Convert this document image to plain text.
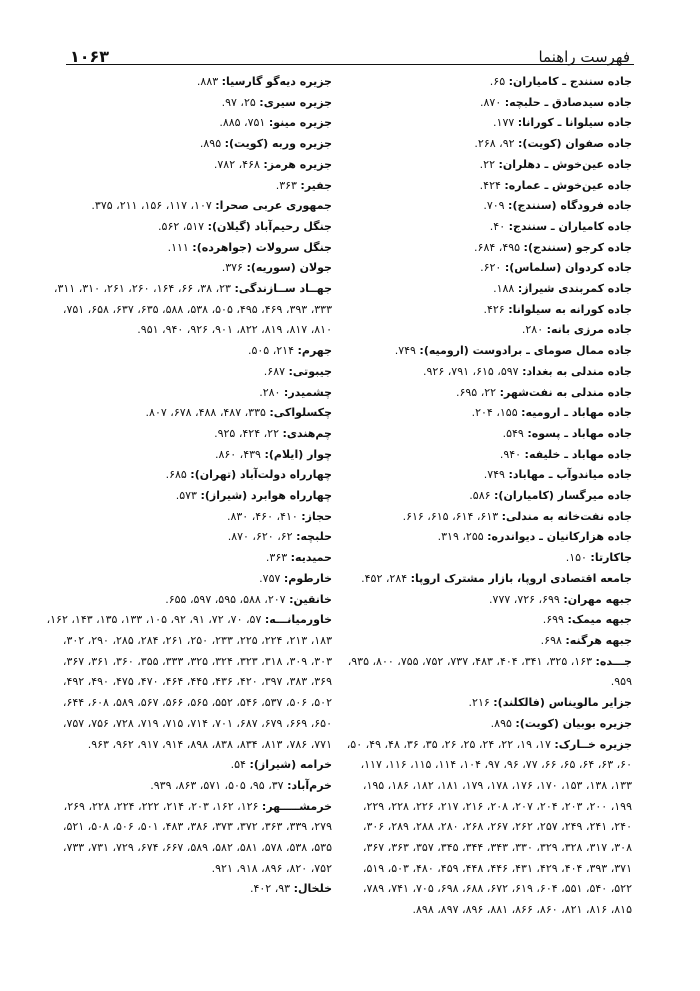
۱۰۶۳	فهرست راهنما

جاده سنندج ـ کامیاران: ۶۵.

جاده سیدصادق ـ حلبچه: ۸۷۰.

جاده سیلوانا ـ کورانا: ۱۷۷.

جاده صفوان (کویت): ۹۲، ۲۶۸.

جاده عین‌خوش ـ دهلران: ۲۲.

جاده عین‌خوش ـ عماره: ۴۲۴.

جاده فرودگاه (سنندج): ۷۰۹.

جاده کامیاران ـ سنندج: ۴۰.

جاده کرجو (سنندج): ۴۹۵، ۶۸۴.

جاده کردوان (سلماس): ۶۲۰.

جاده کمربندی شیراز: ۱۸۸.

جاده کورانه به سیلوانا: ۴۲۶.

جاده مرزی بانه: ۲۸۰.

جاده ممال صومای ـ برادوست (ارومیه): ۷۴۹.

جاده مندلی به بغداد: ۵۹۷، ۶۱۵، ۷۹۱، ۹۲۶.

جاده مندلی به نفت‌شهر: ۲۲، ۶۹۵.

جاده مهاباد ـ ارومیه: ۱۵۵، ۲۰۴.

جاده مهاباد ـ پسوه: ۵۴۹.

جاده مهاباد ـ خلیفه: ۹۴۰.

جاده میاندوآب ـ مهاباد: ۷۴۹.

جاده میرگسار (کامیاران): ۵۸۶.

جاده نفت‌خانه به مندلی: ۶۱۳، ۶۱۴، ۶۱۵، ۶۱۶.

جاده هزارکانیان ـ دیواندره: ۲۵۵، ۳۱۹.

جاکارتا: ۱۵۰.

جامعه اقتصادی اروپا، بازار مشترک اروپا: ۲۸۴، ۴۵۲.

جبهه مهران: ۶۹۹، ۷۲۶، ۷۷۷.

جبهه میمک: ۶۹۹.

جبهه هرگنه: ۶۹۸.

جـــده: ۱۶۳، ۳۲۵، ۳۴۱، ۴۰۴، ۴۸۳، ۷۳۷، ۷۵۲، ۷۵۵، ۸۰۰، ۹۳۵، ۹۵۹.

جزایر مالویناس (فالکلند): ۲۱۶.

جزیره بوبیان (کویت): ۸۹۵.

جزیره خــارک: ۱۷، ۱۹، ۲۲، ۲۴، ۲۵، ۲۶، ۳۵، ۳۶، ۴۸، ۴۹، ۵۰، ۶۰، ۶۳، ۶۴، ۶۵، ۶۶، ۷۷، ۹۶، ۹۷، ۱۰۴، ۱۱۴، ۱۱۵، ۱۱۶، ۱۱۷، ۱۳۳، ۱۳۸، ۱۵۳، ۱۷۰، ۱۷۶، ۱۷۸، ۱۷۹، ۱۸۱، ۱۸۲، ۱۸۶، ۱۹۵، ۱۹۹، ۲۰۰، ۲۰۳، ۲۰۴، ۲۰۷، ۲۰۸، ۲۱۶، ۲۱۷، ۲۲۶، ۲۲۸، ۲۲۹، ۲۴۰، ۲۴۱، ۲۴۹، ۲۵۷، ۲۶۲، ۲۶۷، ۲۶۸، ۲۸۰، ۲۸۸، ۲۸۹، ۳۰۶، ۳۰۸، ۳۱۷، ۳۲۸، ۳۲۹، ۳۳۰، ۳۴۳، ۳۴۴، ۳۴۵، ۳۵۷، ۳۶۳، ۳۶۷، ۳۷۱، ۳۹۳، ۴۰۴، ۴۲۹، ۴۳۱، ۴۴۶، ۴۴۸، ۴۵۹، ۴۸۰، ۵۰۳، ۵۱۹، ۵۲۲، ۵۴۰، ۵۵۱، ۶۰۴، ۶۱۹، ۶۷۲، ۶۸۸، ۶۹۸، ۷۰۵، ۷۴۱، ۷۸۹، ۸۱۵، ۸۱۶، ۸۲۱، ۸۶۰، ۸۶۶، ۸۸۱، ۸۹۶، ۸۹۷، ۸۹۸.

جزیره دیه‌گو گارسیا: ۸۸۳.

جزیره سیری: ۲۵، ۹۷.

جزیره مینو: ۷۵۱، ۸۸۵.

جزیره وربه (کویت): ۸۹۵.

جزیره هرمز: ۴۶۸، ۷۸۲.

جفیر: ۳۶۳.

جمهوری عربی صحرا: ۱۰۷، ۱۱۷، ۱۵۶، ۲۱۱، ۳۷۵.

جنگل رحیم‌آباد (گیلان): ۵۱۷، ۵۶۲.

جنگل سرولات (جواهرده): ۱۱۱.

جولان (سوریه): ۳۷۶.

جهــاد ســازندگی: ۲۳، ۳۸، ۶۶، ۱۶۴، ۲۶۰، ۲۶۱، ۳۱۰، ۳۱۱، ۳۳۳، ۳۹۳، ۴۶۹، ۴۹۵، ۵۰۵، ۵۳۸، ۵۸۸، ۶۳۵، ۶۳۷، ۶۵۸، ۷۵۱، ۸۱۰، ۸۱۷، ۸۱۹، ۸۲۲، ۹۰۱، ۹۲۶، ۹۴۰، ۹۵۱.

جهرم: ۲۱۴، ۵۰۵.

جیبوتی: ۶۸۷.

چشمیدر: ۲۸۰.

چکسلواکی: ۳۳۵، ۴۸۷، ۴۸۸، ۶۷۸، ۸۰۷.

چم‌هندی: ۲۲، ۴۲۴، ۹۲۵.

چوار (ایلام): ۴۳۹، ۸۶۰.

چهارراه دولت‌آباد (تهران): ۶۸۵.

چهارراه هوابرد (شیراز): ۵۷۳.

حجاز: ۴۱۰، ۴۶۰، ۸۳۰.

حلبچه: ۶۲، ۶۲۰، ۸۷۰.

حمیدیه: ۳۶۳.

خارطوم: ۷۵۷.

خانقین: ۲۰۷، ۵۸۸، ۵۹۵، ۵۹۷، ۶۵۵.

خاورمیانـــه: ۵۷، ۷۰، ۷۲، ۹۱، ۹۲، ۱۰۵، ۱۳۳، ۱۳۵، ۱۴۳، ۱۶۲، ۱۸۳، ۲۱۳، ۲۲۴، ۲۲۵، ۲۳۳، ۲۵۰، ۲۶۱، ۲۸۴، ۲۸۵، ۲۹۰، ۳۰۲، ۳۰۳، ۳۰۹، ۳۱۸، ۳۲۳، ۳۲۴، ۳۲۵، ۳۳۳، ۳۵۵، ۳۶۰، ۳۶۱، ۳۶۷، ۳۶۹، ۳۸۳، ۳۹۷، ۴۲۰، ۴۳۶، ۴۴۵، ۴۶۴، ۴۷۰، ۴۷۵، ۴۹۰، ۴۹۲، ۵۰۲، ۵۰۶، ۵۳۷، ۵۴۶، ۵۵۲، ۵۶۵، ۵۶۶، ۵۶۷، ۵۸۹، ۶۰۸، ۶۴۴، ۶۵۰، ۶۶۹، ۶۷۹، ۶۸۷، ۷۰۱، ۷۱۴، ۷۱۵، ۷۱۹، ۷۲۸، ۷۵۶، ۷۵۷، ۷۷۱، ۷۸۶، ۸۱۳، ۸۳۴، ۸۳۸، ۸۹۸، ۹۱۴، ۹۱۷، ۹۶۲، ۹۶۳.

خرامه (شیراز): ۵۴.

خرم‌آباد: ۳۷، ۹۵، ۵۰۵، ۵۷۱، ۸۶۳، ۹۳۹.

خرمشـــــهر: ۱۲۶، ۱۶۲، ۲۰۳، ۲۱۴، ۲۲۲، ۲۲۴، ۲۲۸، ۲۶۹، ۲۷۹، ۳۳۹، ۳۶۳، ۳۷۲، ۳۷۳، ۳۸۶، ۴۸۳، ۵۰۱، ۵۰۶، ۵۰۸، ۵۲۱، ۵۳۵، ۵۳۸، ۵۷۸، ۵۸۱، ۵۸۲، ۵۸۹، ۶۶۷، ۶۷۴، ۷۲۹، ۷۳۱، ۷۳۳، ۷۵۲، ۸۲۰، ۸۹۶، ۹۱۸، ۹۲۱.

خلخال: ۹۳، ۴۰۲.
